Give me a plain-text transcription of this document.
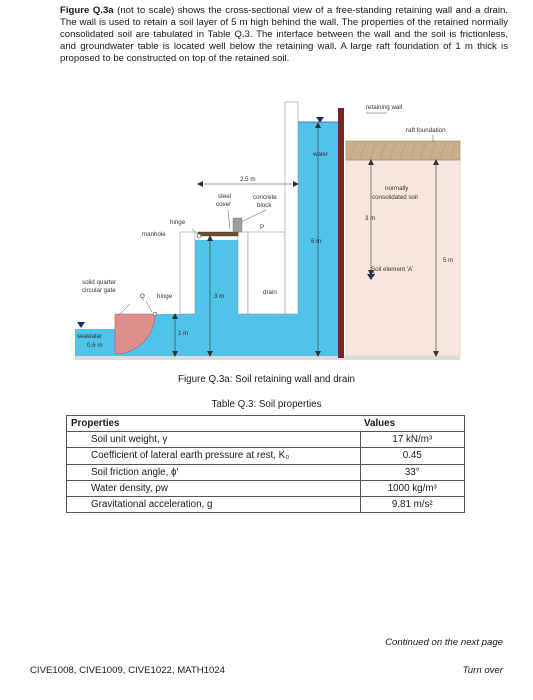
Figure Q.3a (not to scale) shows the cross-sectional view of a free-standing retaining wall and a drain. The wall is used to retain a soil layer of 5 m high behind the wall. The properties of the retained normally consolidated soil are tabulated in Table Q.3. The interface between the wall and the soil is frictionless, and groundwater table is located well below the retaining wall. A large raft foundation of 1 m thick is proposed to be constructed on top of the retained soil.
retaining wall
raft foundation
water
2.5 m
steel
cover
concrete
block
hinge
manhole
P
6 m
normally
consolidated soil
3 m
Soil element 'A'
5 m
solid quarter
circular gate
Q hinge	3 m
drain
seawater
0.6 m
1 m
Figure Q.3a: Soil retaining wall and drain
Table Q.3: Soil properties
Properties	Values
Soil unit weight, γ	17 kN/m³
Coefficient of lateral earth pressure at rest, K₀	0.45
Soil friction angle, ϕ′	33°
Water density, ρw	1000 kg/m³
Gravitational acceleration, g	9.81 m/s²
Continued on the next page
CIVE1008, CIVE1009, CIVE1022, MATH1024	Turn over
